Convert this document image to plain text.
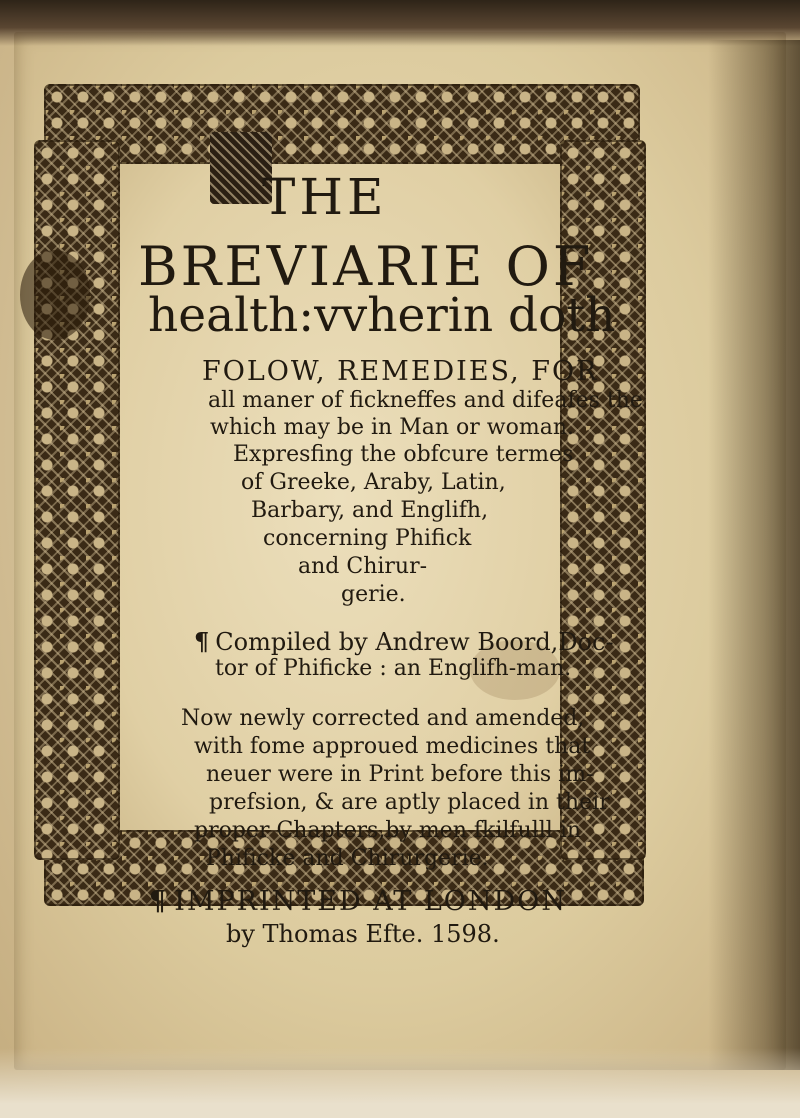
THE
BREVIARIE OF
health:vvherin doth
FOLOW, REMEDIES, FOR
all maner of fickneffes and difeafes the
which may be in Man or woman.
Expresfing the obfcure termes
of Greeke, Araby, Latin,
Barbary, and Englifh,
concerning Phifick
and Chirur-
gerie.
¶ Compiled by Andrew Boord,Doc-
tor of Phificke : an Englifh-man.
Now newly corrected and amended,
with fome approued medicines that
neuer were in Print before this im-
prefsion, & are aptly placed in their
proper Chapters,by men fkilfulll in
Phificke and Chirurgerie.
¶ IMPRINTED AT LONDON
by Thomas Efte. 1598.
